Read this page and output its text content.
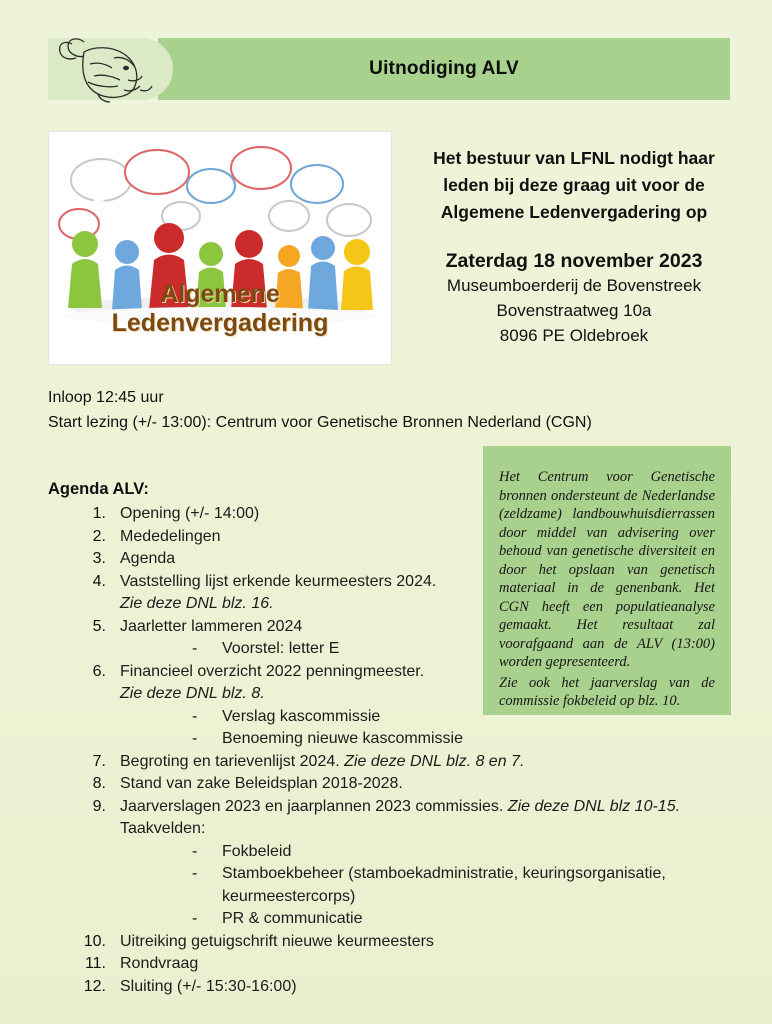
Uitnodiging ALV
Algemene Ledenvergadering
Het bestuur van LFNL nodigt haar leden bij deze graag uit voor de Algemene Ledenvergadering op
Zaterdag 18 november 2023
Museumboerderij de Bovenstreek
Bovenstraatweg 10a
8096 PE Oldebroek
Inloop 12:45 uur
Start lezing (+/- 13:00): Centrum voor Genetische Bronnen Nederland (CGN)

Het Centrum voor Genetische bronnen ondersteunt de Nederlandse (zeldzame) landbouwhuisdierrassen door middel van advisering over behoud van genetische diversiteit en door het opslaan van genetisch materiaal in de genenbank. Het CGN heeft een populatieanalyse gemaakt. Het resultaat zal voorafgaand aan de ALV (13:00) worden gepresenteerd.

Zie ook het jaarverslag van de commissie fokbeleid op blz. 10.

Agenda ALV:
1. Opening (+/- 14:00)
2. Mededelingen
3. Agenda
4. Vaststelling lijst erkende keurmeesters 2024.
Zie deze DNL blz. 16.
5. Jaarletter lammeren 2024
-	Voorstel: letter E
6. Financieel overzicht 2022 penningmeester.
Zie deze DNL blz. 8.
-	Verslag kascommissie
-	Benoeming nieuwe kascommissie
7. Begroting en tarievenlijst 2024. Zie deze DNL blz. 8 en 7.
8. Stand van zake Beleidsplan 2018-2028.
9. Jaarverslagen 2023 en jaarplannen 2023 commissies. Zie deze DNL blz 10-15.
Taakvelden:
-	Fokbeleid
-	Stamboekbeheer (stamboekadministratie, keuringsorganisatie, keurmeestercorps)
-	PR & communicatie
10. Uitreiking getuigschrift nieuwe keurmeesters
11. Rondvraag
12. Sluiting (+/- 15:30-16:00)
